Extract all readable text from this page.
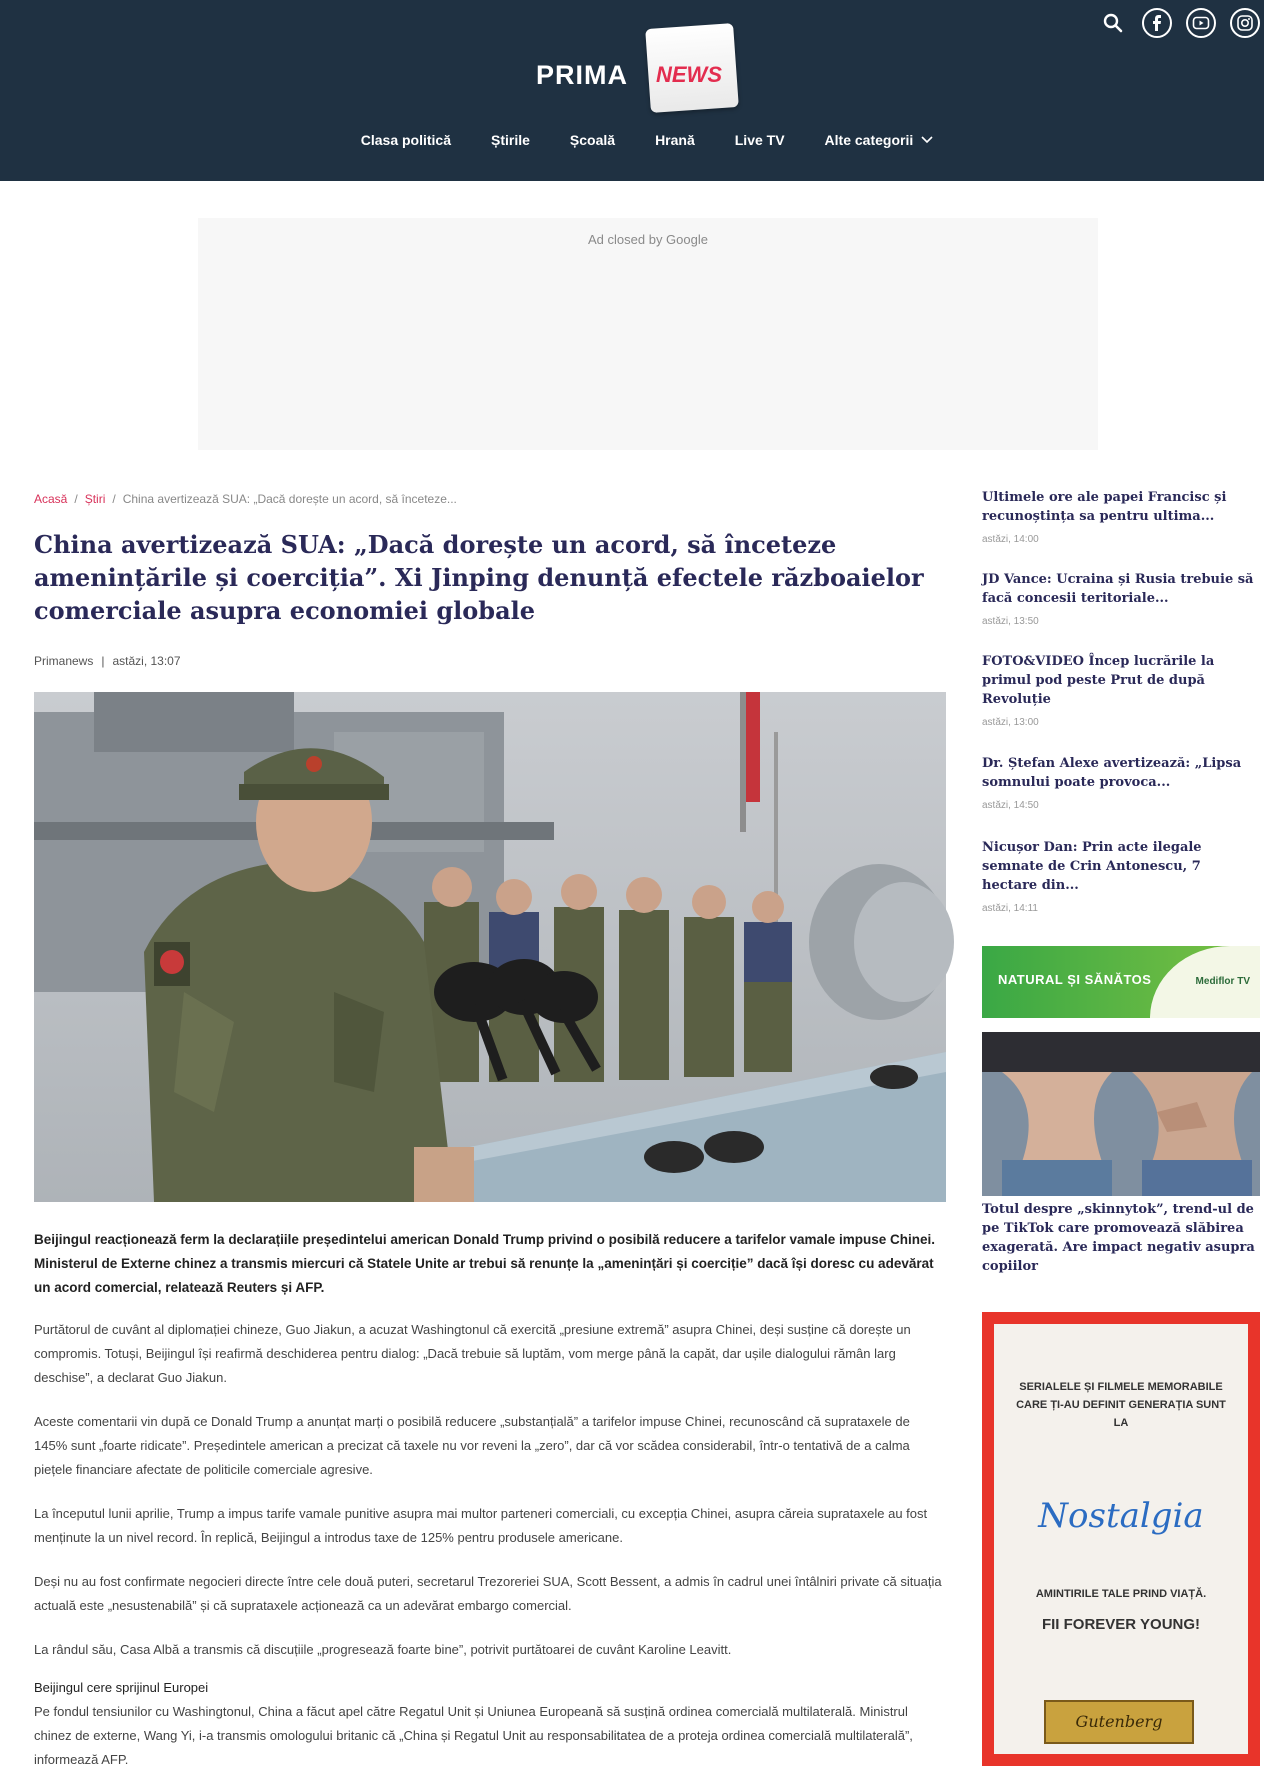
PRIMA NEWS
Clasa politică	Știrile	Școală	Hrană	Live TV	Alte categorii
Ad closed by Google
Acasă / Știri / China avertizează SUA: „Dacă dorește un acord, să înceteze...
China avertizează SUA: „Dacă dorește un acord, să înceteze amenințările și coerciția”. Xi Jinping denunță efectele războaielor comerciale asupra economiei globale
Primanews | astăzi, 13:07

Beijingul reacționează ferm la declarațiile președintelui american Donald Trump privind o posibilă reducere a tarifelor vamale impuse Chinei. Ministerul de Externe chinez a transmis miercuri că Statele Unite ar trebui să renunțe la „amenințări și coerciție” dacă își doresc cu adevărat un acord comercial, relatează Reuters și AFP.

Purtătorul de cuvânt al diplomației chineze, Guo Jiakun, a acuzat Washingtonul că exercită „presiune extremă” asupra Chinei, deși susține că dorește un compromis. Totuși, Beijingul își reafirmă deschiderea pentru dialog: „Dacă trebuie să luptăm, vom merge până la capăt, dar ușile dialogului rămân larg deschise”, a declarat Guo Jiakun.

Aceste comentarii vin după ce Donald Trump a anunțat marți o posibilă reducere „substanțială” a tarifelor impuse Chinei, recunoscând că suprataxele de 145% sunt „foarte ridicate”. Președintele american a precizat că taxele nu vor reveni la „zero”, dar că vor scădea considerabil, într-o tentativă de a calma piețele financiare afectate de politicile comerciale agresive.

La începutul lunii aprilie, Trump a impus tarife vamale punitive asupra mai multor parteneri comerciali, cu excepția Chinei, asupra căreia suprataxele au fost menținute la un nivel record. În replică, Beijingul a introdus taxe de 125% pentru produsele americane.

Deși nu au fost confirmate negocieri directe între cele două puteri, secretarul Trezoreriei SUA, Scott Bessent, a admis în cadrul unei întâlniri private că situația actuală este „nesustenabilă” și că suprataxele acționează ca un adevărat embargo comercial.

La rândul său, Casa Albă a transmis că discuțiile „progresează foarte bine”, potrivit purtătoarei de cuvânt Karoline Leavitt.

Beijingul cere sprijinul Europei

Pe fondul tensiunilor cu Washingtonul, China a făcut apel către Regatul Unit și Uniunea Europeană să susțină ordinea comercială multilaterală. Ministrul chinez de externe, Wang Yi, i-a transmis omologului britanic că „China și Regatul Unit au responsabilitatea de a proteja ordinea comercială multilaterală”, informează AFP.

Ultimele ore ale papei Francisc și recunoștința sa pentru ultima...
astăzi, 14:00
JD Vance: Ucraina și Rusia trebuie să facă concesii teritoriale...
astăzi, 13:50
FOTO&VIDEO Încep lucrările la primul pod peste Prut de după Revoluție
astăzi, 13:00
Dr. Ștefan Alexe avertizează: „Lipsa somnului poate provoca...
astăzi, 14:50
Nicușor Dan: Prin acte ilegale semnate de Crin Antonescu, 7 hectare din...
astăzi, 14:11
NATURAL ȘI SĂNĂTOS	Mediflor TV
Totul despre „skinnytok”, trend-ul de pe TikTok care promovează slăbirea exagerată. Are impact negativ asupra copiilor
SERIALELE ȘI FILMELE MEMORABILE CARE ȚI-AU DEFINIT GENERAȚIA SUNT LA
Nostalgia
AMINTIRILE TALE PRIND VIAȚĂ.
FII FOREVER YOUNG!
Gutenberg
